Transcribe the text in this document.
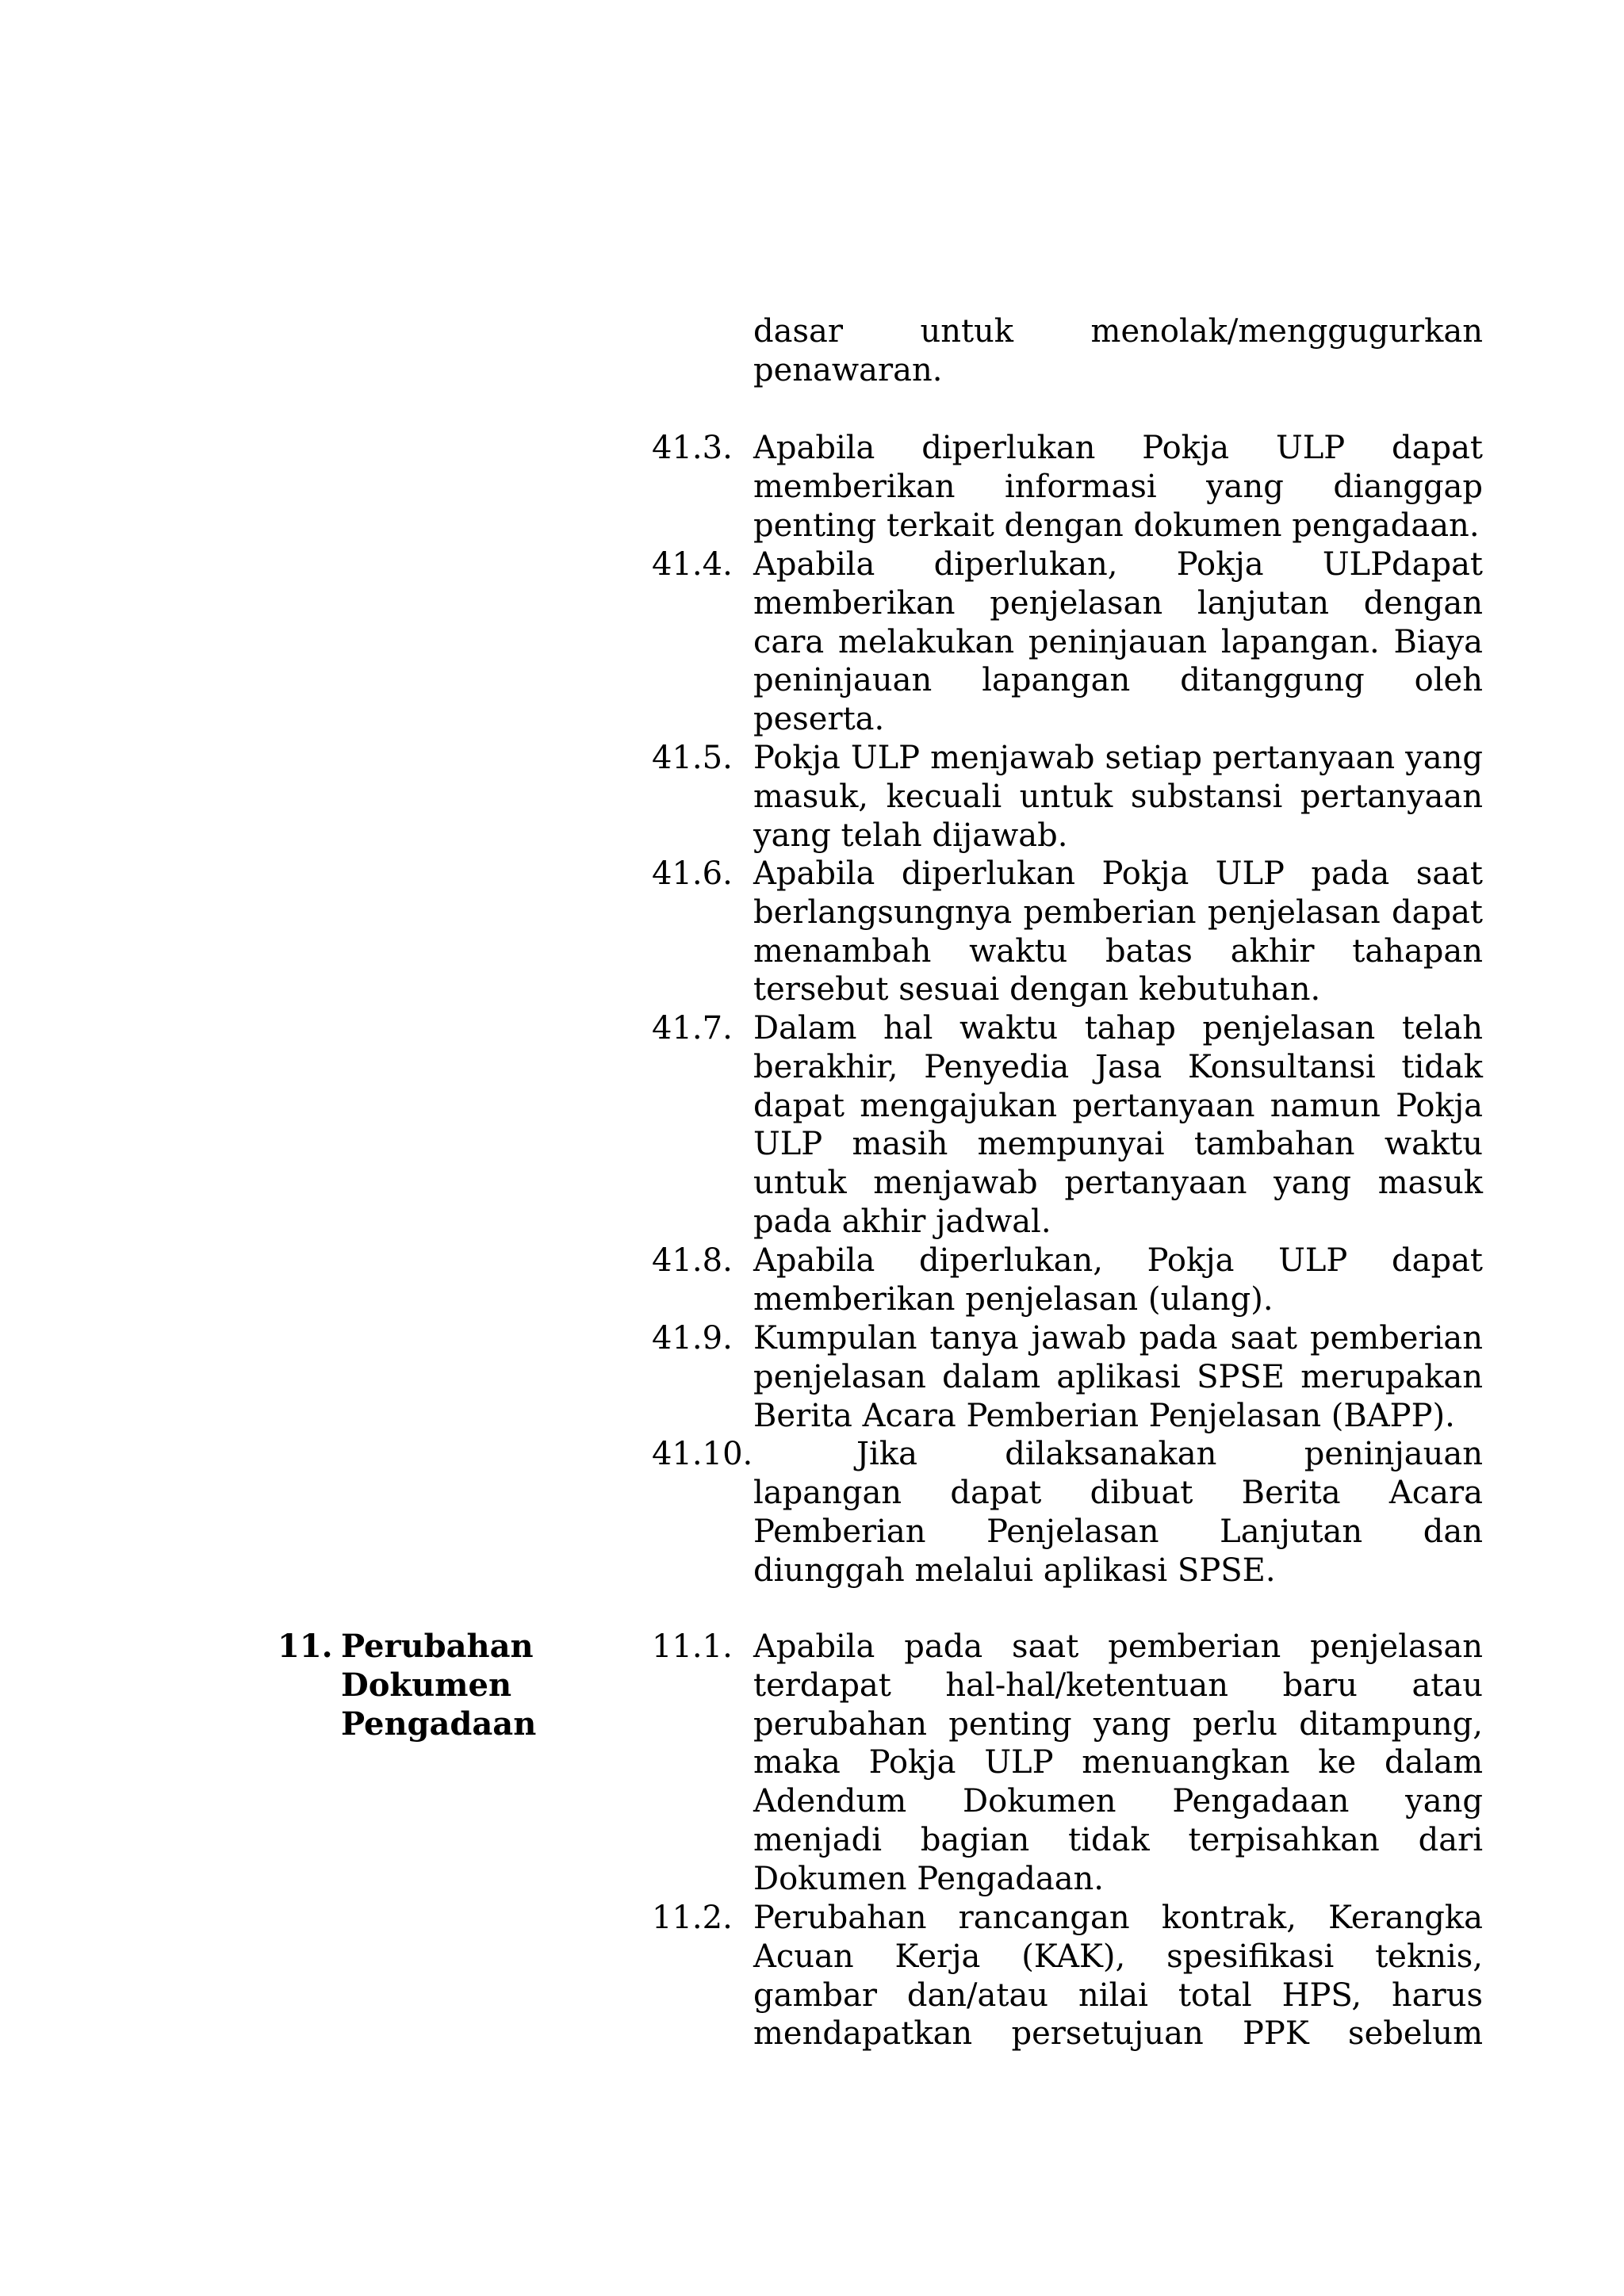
dasar untuk menolak/menggugurkan penawaran.
41.3. Apabila diperlukan Pokja ULP dapat memberikan informasi yang dianggap penting terkait dengan dokumen pengadaan.
41.4. Apabila diperlukan, Pokja ULPdapat memberikan penjelasan lanjutan dengan cara melakukan peninjauan lapangan. Biaya peninjauan lapangan ditanggung oleh peserta.
41.5. Pokja ULP menjawab setiap pertanyaan yang masuk, kecuali untuk substansi pertanyaan yang telah dijawab.
41.6. Apabila diperlukan Pokja ULP pada saat berlangsungnya pemberian penjelasan dapat menambah waktu batas akhir tahapan tersebut sesuai dengan kebutuhan.
41.7. Dalam hal waktu tahap penjelasan telah berakhir, Penyedia Jasa Konsultansi tidak dapat mengajukan pertanyaan namun Pokja ULP masih mempunyai tambahan waktu untuk menjawab pertanyaan yang masuk pada akhir jadwal.
41.8. Apabila diperlukan, Pokja ULP dapat memberikan penjelasan (ulang).
41.9. Kumpulan tanya jawab pada saat pemberian penjelasan dalam aplikasi SPSE merupakan Berita Acara Pemberian Penjelasan (BAPP).
41.10.	Jika dilaksanakan peninjauan
lapangan dapat dibuat Berita Acara Pemberian Penjelasan Lanjutan dan diunggah melalui aplikasi SPSE.
11. Perubahan Dokumen Pengadaan
11.1. Apabila pada saat pemberian penjelasan terdapat hal-hal/ketentuan baru atau perubahan penting yang perlu ditampung, maka Pokja ULP menuangkan ke dalam Adendum Dokumen Pengadaan yang menjadi bagian tidak terpisahkan dari Dokumen Pengadaan.
11.2. Perubahan rancangan kontrak, Kerangka Acuan Kerja (KAK), spesifikasi teknis, gambar dan/atau nilai total HPS, harus mendapatkan persetujuan PPK sebelum
